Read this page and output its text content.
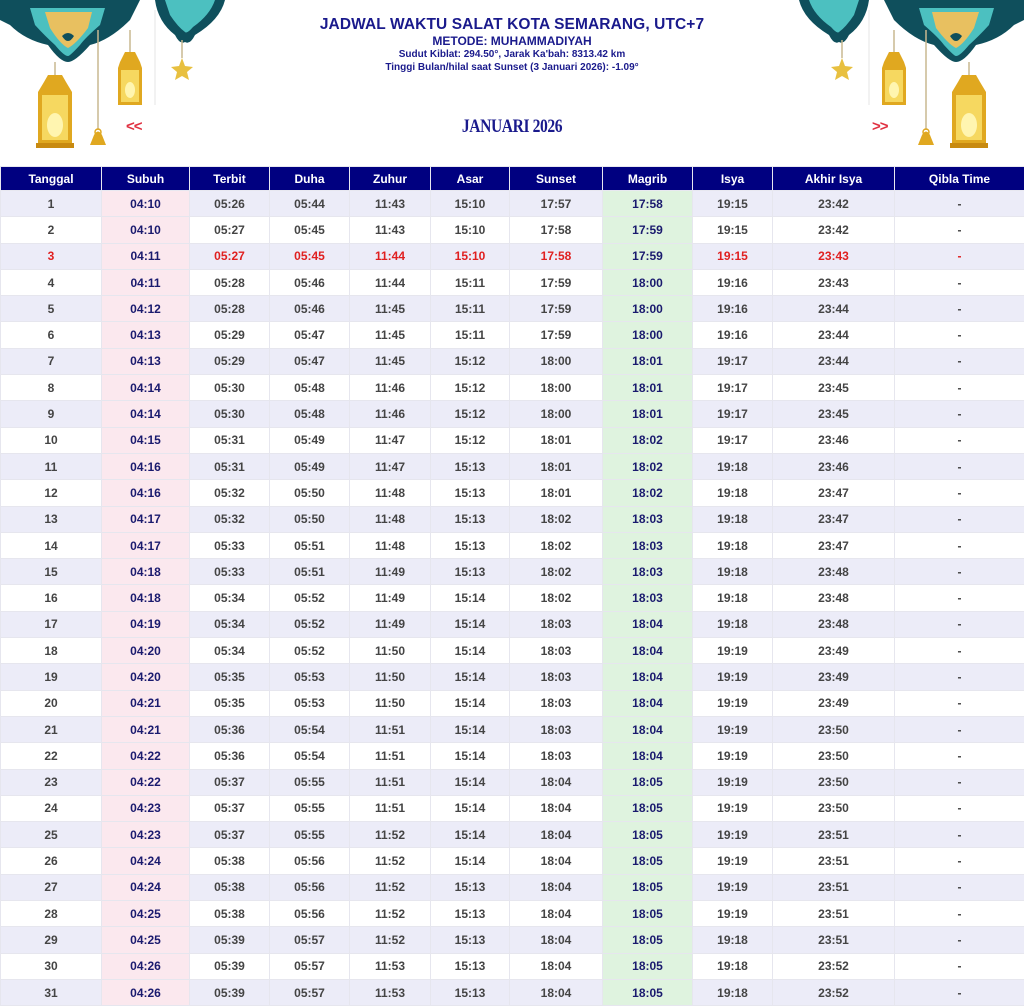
JADWAL WAKTU SALAT KOTA SEMARANG, UTC+7
METODE: MUHAMMADIYAH
Sudut Kiblat: 294.50°, Jarak Ka'bah: 8313.42 km
Tinggi Bulan/hilal saat Sunset (3 Januari 2026): -1.09°
<<	JANUARI 2026	>>
Tanggal	Subuh	Terbit	Duha	Zuhur	Asar	Sunset	Magrib	Isya	Akhir Isya	Qibla Time
1	04:10	05:26	05:44	11:43	15:10	17:57	17:58	19:15	23:42	-
2	04:10	05:27	05:45	11:43	15:10	17:58	17:59	19:15	23:42	-
3	04:11	05:27	05:45	11:44	15:10	17:58	17:59	19:15	23:43	-
4	04:11	05:28	05:46	11:44	15:11	17:59	18:00	19:16	23:43	-
5	04:12	05:28	05:46	11:45	15:11	17:59	18:00	19:16	23:44	-
6	04:13	05:29	05:47	11:45	15:11	17:59	18:00	19:16	23:44	-
7	04:13	05:29	05:47	11:45	15:12	18:00	18:01	19:17	23:44	-
8	04:14	05:30	05:48	11:46	15:12	18:00	18:01	19:17	23:45	-
9	04:14	05:30	05:48	11:46	15:12	18:00	18:01	19:17	23:45	-
10	04:15	05:31	05:49	11:47	15:12	18:01	18:02	19:17	23:46	-
11	04:16	05:31	05:49	11:47	15:13	18:01	18:02	19:18	23:46	-
12	04:16	05:32	05:50	11:48	15:13	18:01	18:02	19:18	23:47	-
13	04:17	05:32	05:50	11:48	15:13	18:02	18:03	19:18	23:47	-
14	04:17	05:33	05:51	11:48	15:13	18:02	18:03	19:18	23:47	-
15	04:18	05:33	05:51	11:49	15:13	18:02	18:03	19:18	23:48	-
16	04:18	05:34	05:52	11:49	15:14	18:02	18:03	19:18	23:48	-
17	04:19	05:34	05:52	11:49	15:14	18:03	18:04	19:18	23:48	-
18	04:20	05:34	05:52	11:50	15:14	18:03	18:04	19:19	23:49	-
19	04:20	05:35	05:53	11:50	15:14	18:03	18:04	19:19	23:49	-
20	04:21	05:35	05:53	11:50	15:14	18:03	18:04	19:19	23:49	-
21	04:21	05:36	05:54	11:51	15:14	18:03	18:04	19:19	23:50	-
22	04:22	05:36	05:54	11:51	15:14	18:03	18:04	19:19	23:50	-
23	04:22	05:37	05:55	11:51	15:14	18:04	18:05	19:19	23:50	-
24	04:23	05:37	05:55	11:51	15:14	18:04	18:05	19:19	23:50	-
25	04:23	05:37	05:55	11:52	15:14	18:04	18:05	19:19	23:51	-
26	04:24	05:38	05:56	11:52	15:14	18:04	18:05	19:19	23:51	-
27	04:24	05:38	05:56	11:52	15:13	18:04	18:05	19:19	23:51	-
28	04:25	05:38	05:56	11:52	15:13	18:04	18:05	19:19	23:51	-
29	04:25	05:39	05:57	11:52	15:13	18:04	18:05	19:18	23:51	-
30	04:26	05:39	05:57	11:53	15:13	18:04	18:05	19:18	23:52	-
31	04:26	05:39	05:57	11:53	15:13	18:04	18:05	19:18	23:52	-
